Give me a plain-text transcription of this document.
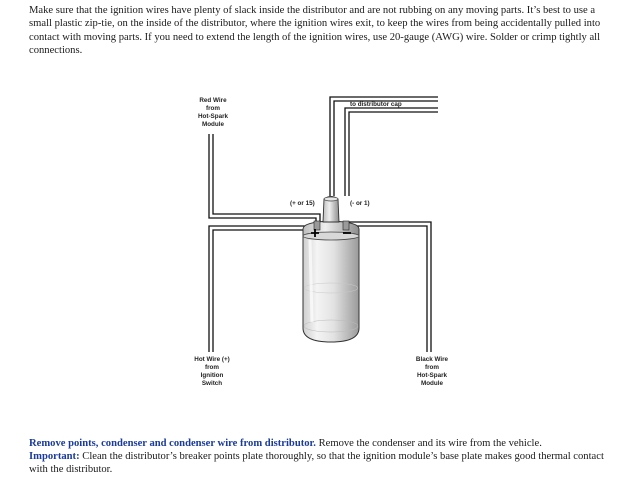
Make sure that the ignition wires have plenty of slack inside the distributor and are not rubbing on any moving parts. It’s best to use a small plastic zip-tie, on the inside of the distributor, where the ignition wires exit, to keep the wires from being accidentally pulled into contact with moving parts. If you need to extend the length of the ignition wires, use 20-gauge (AWG) wire. Solder or crimp tightly all connections.

Red Wire
from
Hot-Spark
Module
to distributor cap
(+ or 15)	(- or 1)
Hot Wire (+)
from
Ignition
Switch
Black Wire
from
Hot-Spark
Module
Remove points, condenser and condenser wire from distributor. Remove the condenser and its wire from the vehicle.
Important: Clean the distributor’s breaker points plate thoroughly, so that the ignition module’s base plate makes good thermal contact with the distributor.
